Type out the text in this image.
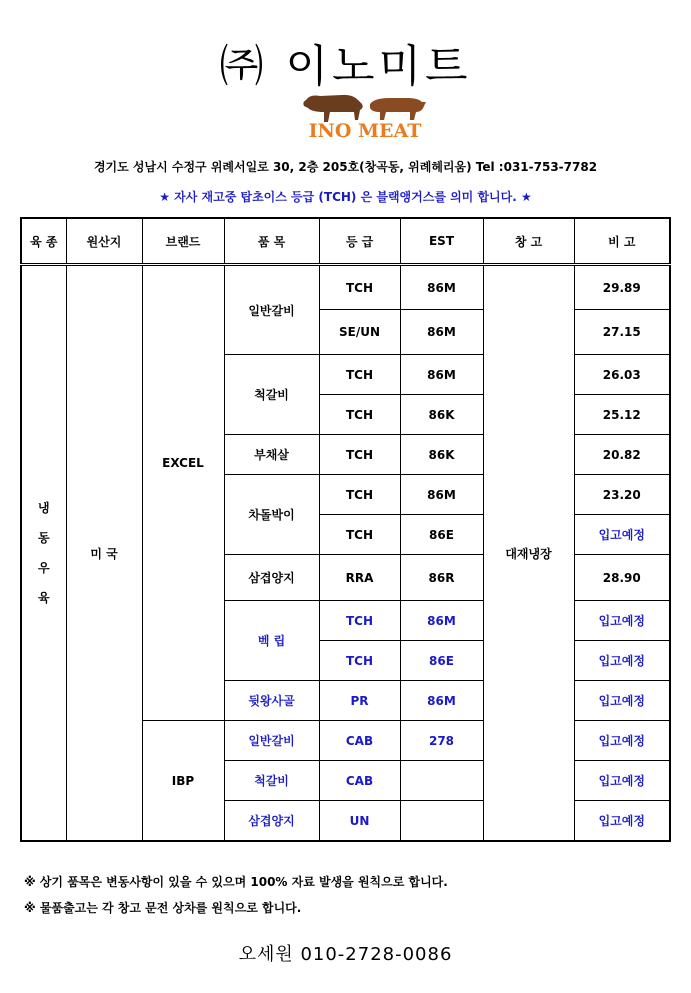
㈜ 이노미트
INO MEAT
경기도 성남시 수정구 위례서일로 30, 2층 205호(창곡동, 위례헤리움) Tel :031-753-7782
★ 자사 재고중 탑초이스 등급 (TCH) 은 블랙앵거스를 의미 합니다. ★
육 종	원산지	브랜드	품 목	등 급	EST	창 고	비 고

냉
동
우
육	미 국	EXCEL	일반갈비	TCH	86M	대재냉장	29.89
				SE/UN	86M		27.15
			척갈비	TCH	86M		26.03
				TCH	86K		25.12
			부채살	TCH	86K		20.82
			차돌박이	TCH	86M		23.20
				TCH	86E		입고예정
			삼겹양지	RRA	86R		28.90
			벡 립	TCH	86M		입고예정
				TCH	86E		입고예정
			뒷왕사골	PR	86M		입고예정
		IBP	일반갈비	CAB	278		입고예정
			척갈비	CAB			입고예정
			삼겹양지	UN			입고예정
※ 상기 품목은 변동사항이 있을 수 있으며 100% 자료 발생을 원칙으로 합니다.
※ 물품출고는 각 창고 문전 상차를 원칙으로 합니다.
오세원 010-2728-0086
